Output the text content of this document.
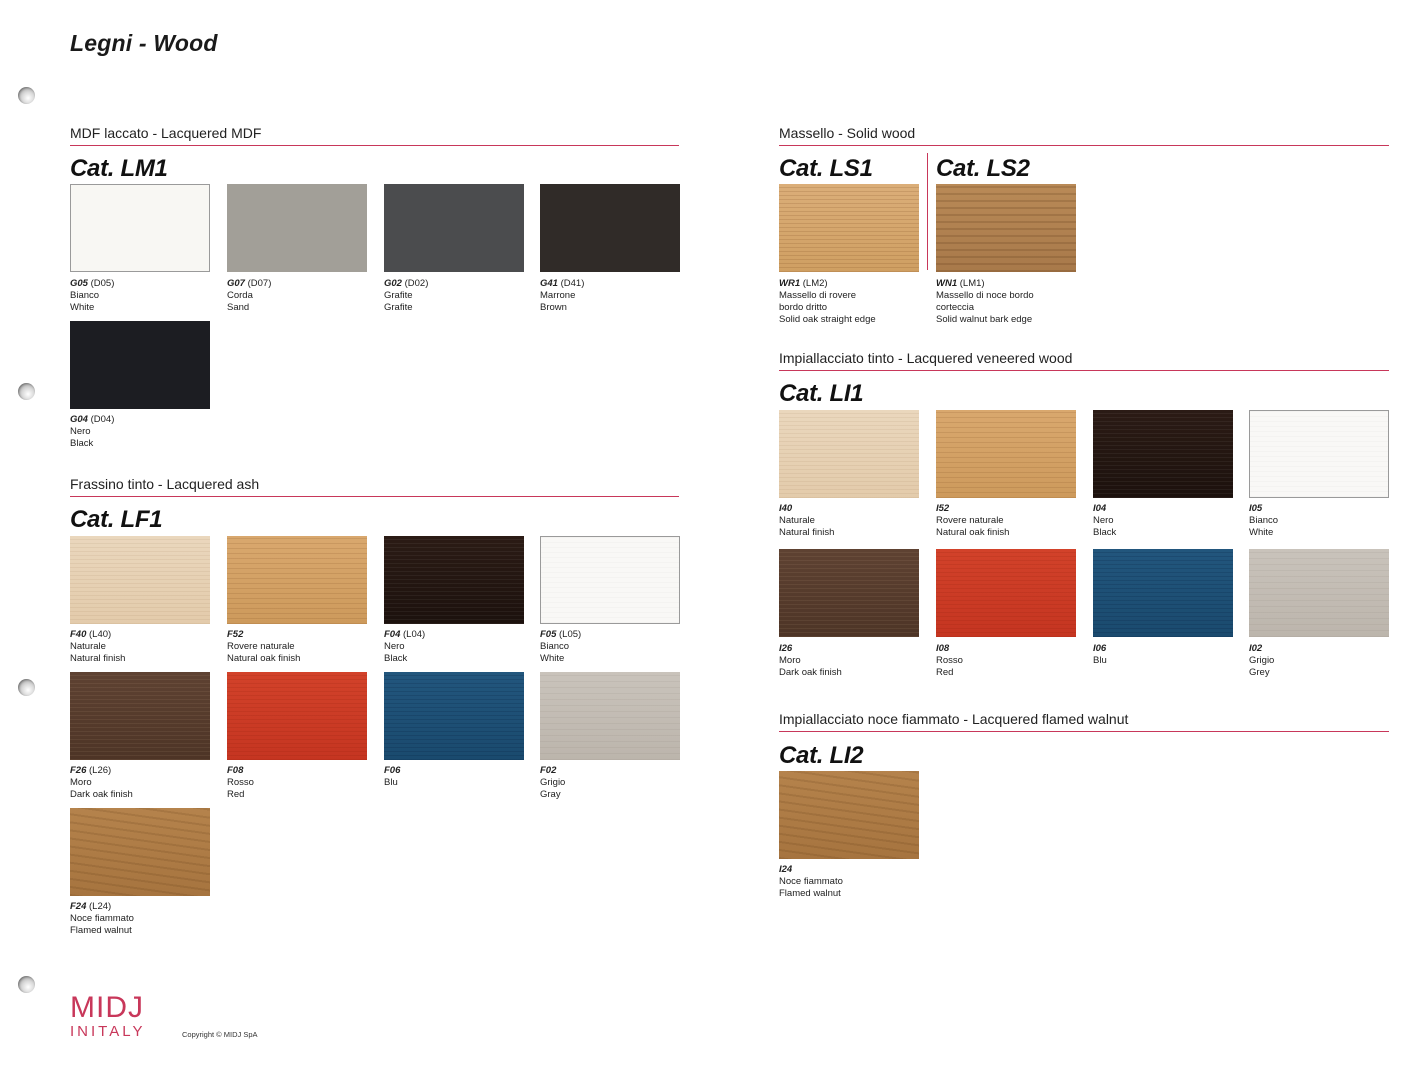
Legni - Wood
MDF laccato - Lacquered MDF
Cat. LM1
G05 (D05)
Bianco
White
G07 (D07)
Corda
Sand
G02 (D02)
Grafite
Grafite
G41 (D41)
Marrone
Brown
G04 (D04)
Nero
Black
Frassino tinto - Lacquered ash
Cat. LF1
F40 (L40)
Naturale
Natural finish
F52
Rovere naturale
Natural oak finish
F04 (L04)
Nero
Black
F05 (L05)
Bianco
White
F26 (L26)
Moro
Dark oak finish
F08
Rosso
Red
F06
Blu
F02
Grigio
Gray
F24 (L24)
Noce fiammato
Flamed walnut
Massello - Solid wood
Cat. LS1	Cat. LS2
WR1 (LM2)
Massello di rovere
bordo dritto
Solid oak straight edge
WN1 (LM1)
Massello di noce bordo
corteccia
Solid walnut bark edge
Impiallacciato tinto - Lacquered veneered wood
Cat. LI1
I40
Naturale
Natural finish
I52
Rovere naturale
Natural oak finish
I04
Nero
Black
I05
Bianco
White
I26
Moro
Dark oak finish
I08
Rosso
Red
I06
Blu
I02
Grigio
Grey
Impiallacciato noce fiammato - Lacquered flamed walnut
Cat. LI2
I24
Noce fiammato
Flamed walnut
MIDJ
INITALY	Copyright © MIDJ SpA
